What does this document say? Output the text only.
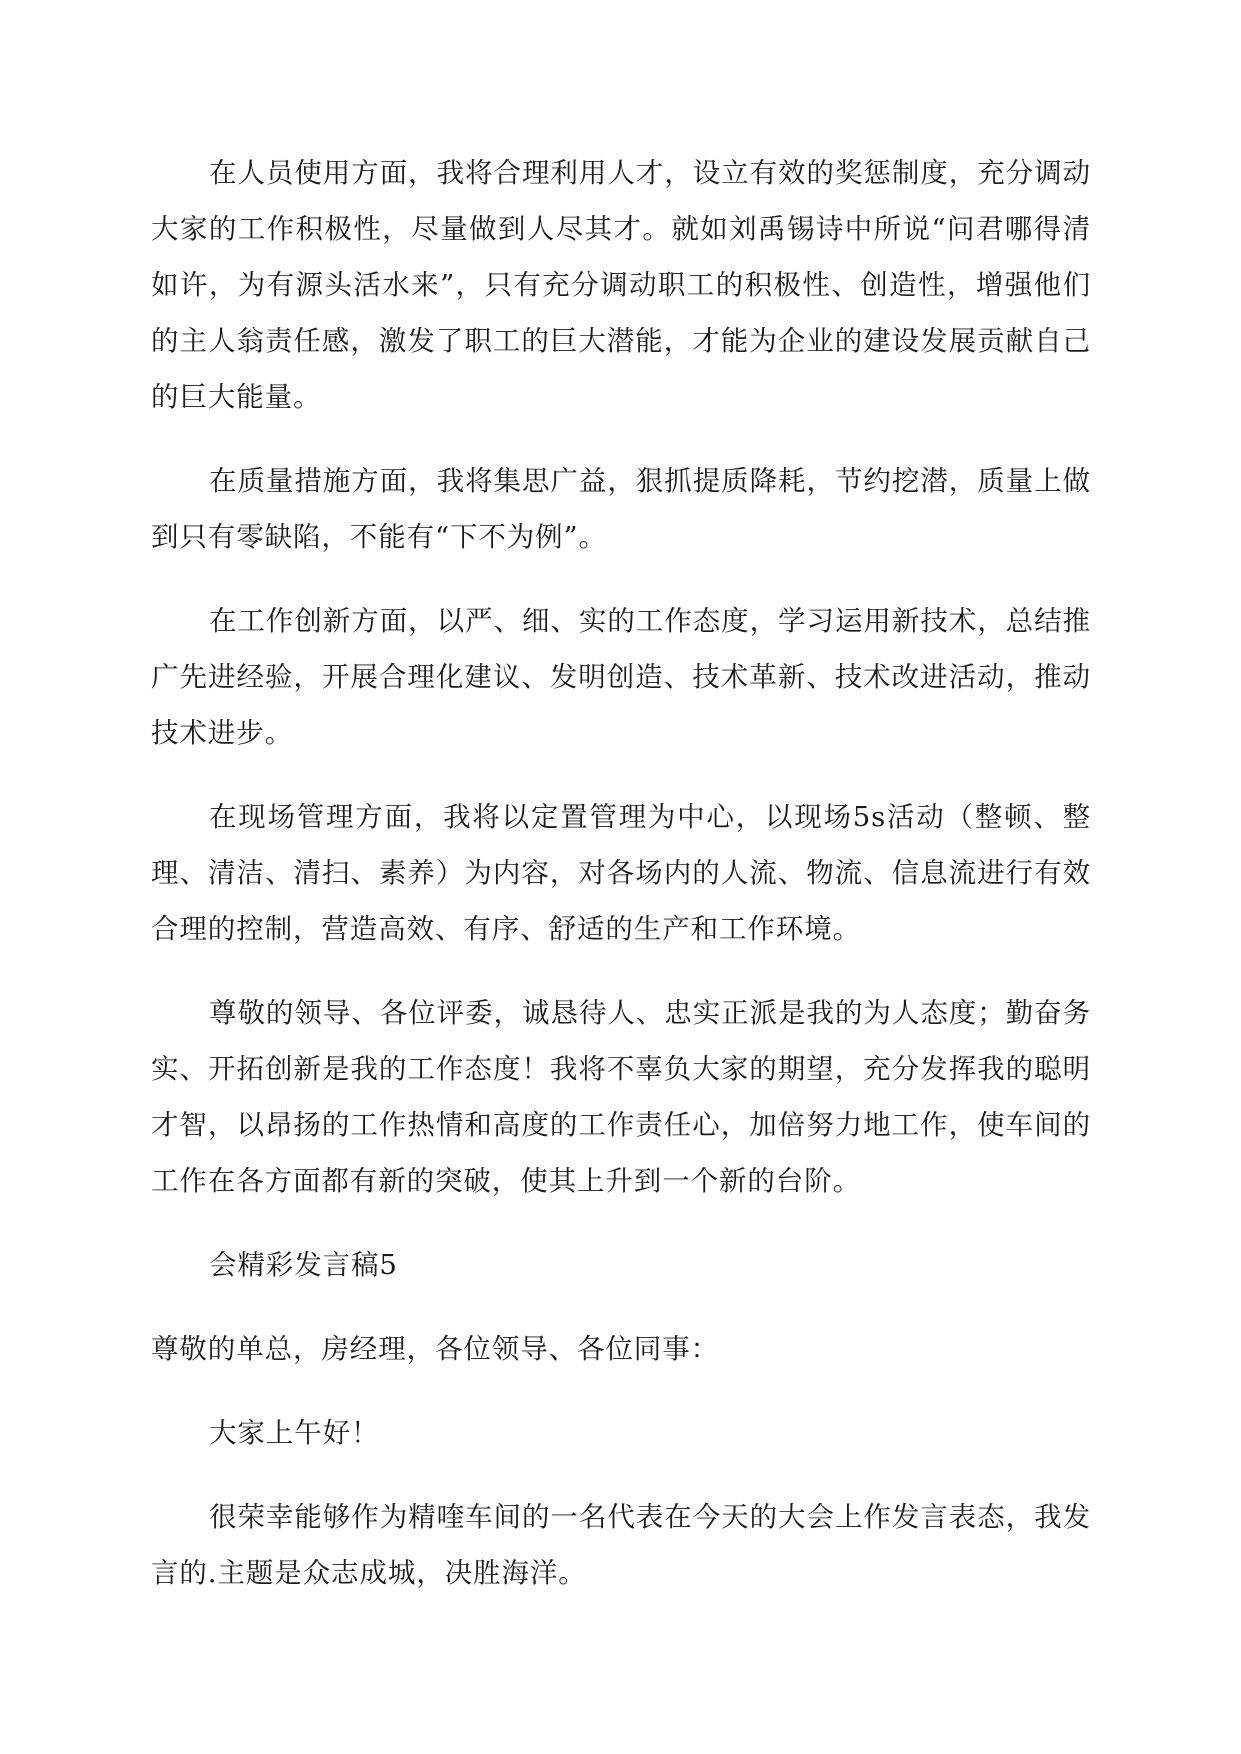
在人员使用方面，我将合理利用人才，设立有效的奖惩制度，充分调动大家的工作积极性，尽量做到人尽其才。就如刘禹锡诗中所说“问君哪得清如许，为有源头活水来”，只有充分调动职工的积极性、创造性，增强他们的主人翁责任感，激发了职工的巨大潜能，才能为企业的建设发展贡献自己的巨大能量。

在质量措施方面，我将集思广益，狠抓提质降耗，节约挖潜，质量上做到只有零缺陷，不能有“下不为例”。

在工作创新方面，以严、细、实的工作态度，学习运用新技术，总结推广先进经验，开展合理化建议、发明创造、技术革新、技术改进活动，推动技术进步。

在现场管理方面，我将以定置管理为中心，以现场5s活动（整顿、整理、清洁、清扫、素养）为内容，对各场内的人流、物流、信息流进行有效合理的控制，营造高效、有序、舒适的生产和工作环境。

尊敬的领导、各位评委，诚恳待人、忠实正派是我的为人态度；勤奋务实、开拓创新是我的工作态度！我将不辜负大家的期望，充分发挥我的聪明才智，以昂扬的工作热情和高度的工作责任心，加倍努力地工作，使车间的工作在各方面都有新的突破，使其上升到一个新的台阶。

会精彩发言稿5

尊敬的单总，房经理，各位领导、各位同事：

大家上午好！

很荣幸能够作为精喹车间的一名代表在今天的大会上作发言表态，我发言的.主题是众志成城，决胜海洋。
